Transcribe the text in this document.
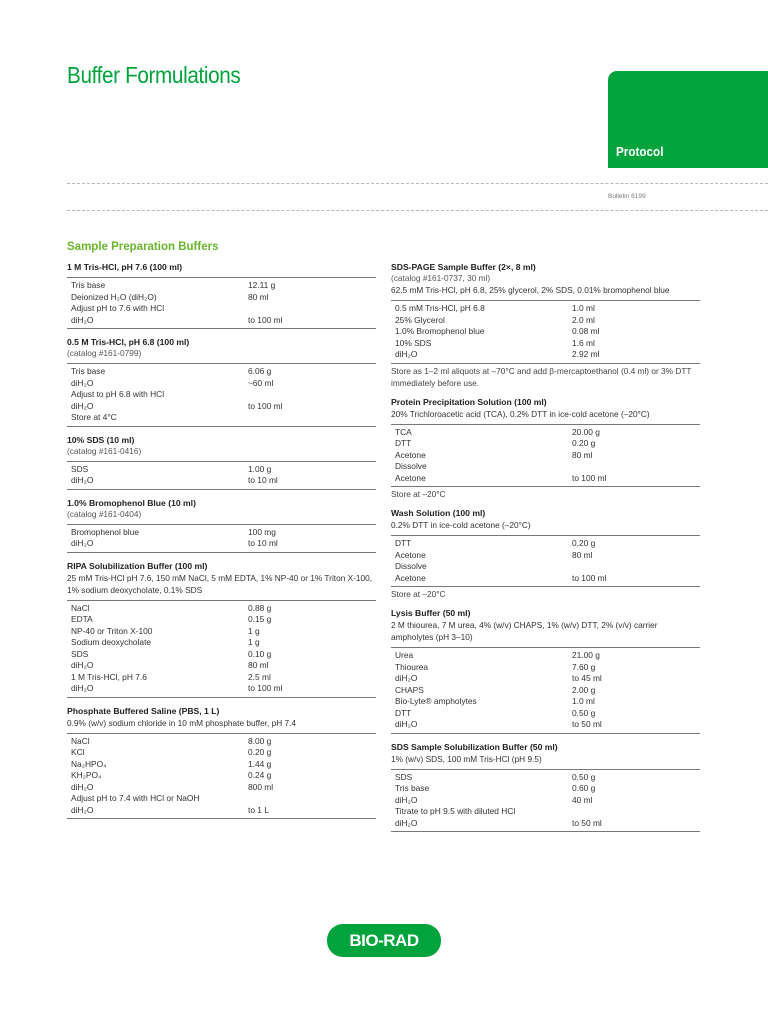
Buffer Formulations
Protocol
Bulletin 6199
Sample Preparation Buffers
1 M Tris-HCl, pH 7.6 (100 ml)
Tris base	12.11 g
Deionized H₂O (diH₂O)	80 ml
Adjust pH to 7.6 with HCl
diH₂O	to 100 ml
0.5 M Tris-HCl, pH 6.8 (100 ml)
(catalog #161-0799)
Tris base	6.06 g
diH₂O	~60 ml
Adjust to pH 6.8 with HCl
diH₂O	to 100 ml
Store at 4°C
10% SDS (10 ml)
(catalog #161-0416)
SDS	1.00 g
diH₂O	to 10 ml
1.0% Bromophenol Blue (10 ml)
(catalog #161-0404)
Bromophenol blue	100 mg
diH₂O	to 10 ml
RIPA Solubilization Buffer (100 ml)
25 mM Tris-HCl pH 7.6, 150 mM NaCl, 5 mM EDTA, 1% NP-40 or 1% Triton X-100, 1% sodium deoxycholate, 0.1% SDS
NaCl	0.88 g
EDTA	0.15 g
NP-40 or Triton X-100	1 g
Sodium deoxycholate	1 g
SDS	0.10 g
diH₂O	80 ml
1 M Tris-HCl, pH 7.6	2.5 ml
diH₂O	to 100 ml
Phosphate Buffered Saline (PBS, 1 L)
0.9% (w/v) sodium chloride in 10 mM phosphate buffer, pH 7.4
NaCl	8.00 g
KCl	0.20 g
Na₂HPO₄	1.44 g
KH₂PO₄	0.24 g
diH₂O	800 ml
Adjust pH to 7.4 with HCl or NaOH
diH₂O	to 1 L
SDS-PAGE Sample Buffer (2×, 8 ml)
(catalog #161-0737, 30 ml)
62.5 mM Tris-HCl, pH 6.8, 25% glycerol, 2% SDS, 0.01% bromophenol blue
0.5 mM Tris-HCl, pH 6.8	1.0 ml
25% Glycerol	2.0 ml
1.0% Bromophenol blue	0.08 ml
10% SDS	1.6 ml
diH₂O	2.92 ml
Store as 1–2 ml aliquots at –70°C and add β-mercaptoethanol (0.4 ml) or 3% DTT immediately before use.
Protein Precipitation Solution (100 ml)
20% Trichloroacetic acid (TCA), 0.2% DTT in ice-cold acetone (–20°C)
TCA	20.00 g
DTT	0.20 g
Acetone	80 ml
Dissolve
Acetone	to 100 ml
Store at –20°C
Wash Solution (100 ml)
0.2% DTT in ice-cold acetone (–20°C)
DTT	0.20 g
Acetone	80 ml
Dissolve
Acetone	to 100 ml
Store at –20°C
Lysis Buffer (50 ml)
2 M thiourea, 7 M urea, 4% (w/v) CHAPS, 1% (w/v) DTT, 2% (v/v) carrier ampholytes (pH 3–10)
Urea	21.00 g
Thiourea	7.60 g
diH₂O	to 45 ml
CHAPS	2.00 g
Bio-Lyte® ampholytes	1.0 ml
DTT	0.50 g
diH₂O	to 50 ml
SDS Sample Solubilization Buffer (50 ml)
1% (w/v) SDS, 100 mM Tris-HCl (pH 9.5)
SDS	0.50 g
Tris base	0.60 g
diH₂O	40 ml
Titrate to pH 9.5 with diluted HCl
diH₂O	to 50 ml
BIO-RAD
